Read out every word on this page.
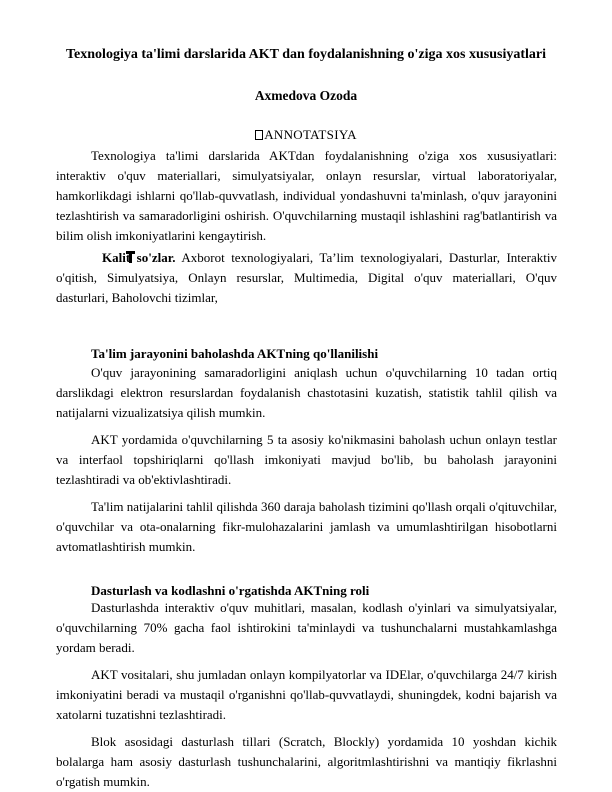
Texnologiya ta'limi darslarida AKT dan foydalanishning o'ziga xos xususiyatlari
Axmedova Ozoda
ANNOTATSIYA

Texnologiya ta'limi darslarida AKTdan foydalanishning o'ziga xos xususiyatlari: interaktiv o'quv materiallari, simulyatsiyalar, onlayn resurslar, virtual laboratoriyalar, hamkorlikdagi ishlarni qo'llab-quvvatlash, individual yondashuvni ta'minlash, o'quv jarayonini tezlashtirish va samaradorligini oshirish. O'quvchilarning mustaqil ishlashini rag'batlantirish va bilim olish imkoniyatlarini kengaytirish.

Kalit so'zlar. Axborot texnologiyalari, Ta’lim texnologiyalari, Dasturlar, Interaktiv o'qitish, Simulyatsiya, Onlayn resurslar, Multimedia, Digital o'quv materiallari, O'quv dasturlari, Baholovchi tizimlar,

Ta'lim jarayonini baholashda AKTning qo'llanilishi

O'quv jarayonining samaradorligini aniqlash uchun o'quvchilarning 10 tadan ortiq darslikdagi elektron resurslardan foydalanish chastotasini kuzatish, statistik tahlil qilish va natijalarni vizualizatsiya qilish mumkin.

AKT yordamida o'quvchilarning 5 ta asosiy ko'nikmasini baholash uchun onlayn testlar va interfaol topshiriqlarni qo'llash imkoniyati mavjud bo'lib, bu baholash jarayonini tezlashtiradi va ob'ektivlashtiradi.

Ta'lim natijalarini tahlil qilishda 360 daraja baholash tizimini qo'llash orqali o'qituvchilar, o'quvchilar va ota-onalarning fikr-mulohazalarini jamlash va umumlashtirilgan hisobotlarni avtomatlashtirish mumkin.

Dasturlash va kodlashni o'rgatishda AKTning roli

Dasturlashda interaktiv o'quv muhitlari, masalan, kodlash o'yinlari va simulyatsiyalar, o'quvchilarning 70% gacha faol ishtirokini ta'minlaydi va tushunchalarni mustahkamlashga yordam beradi.

AKT vositalari, shu jumladan onlayn kompilyatorlar va IDElar, o'quvchilarga 24/7 kirish imkoniyatini beradi va mustaqil o'rganishni qo'llab-quvvatlaydi, shuningdek, kodni bajarish va xatolarni tuzatishni tezlashtiradi.

Blok asosidagi dasturlash tillari (Scratch, Blockly) yordamida 10 yoshdan kichik bolalarga ham asosiy dasturlash tushunchalarini, algoritmlashtirishni va mantiqiy fikrlashni o'rgatish mumkin.
